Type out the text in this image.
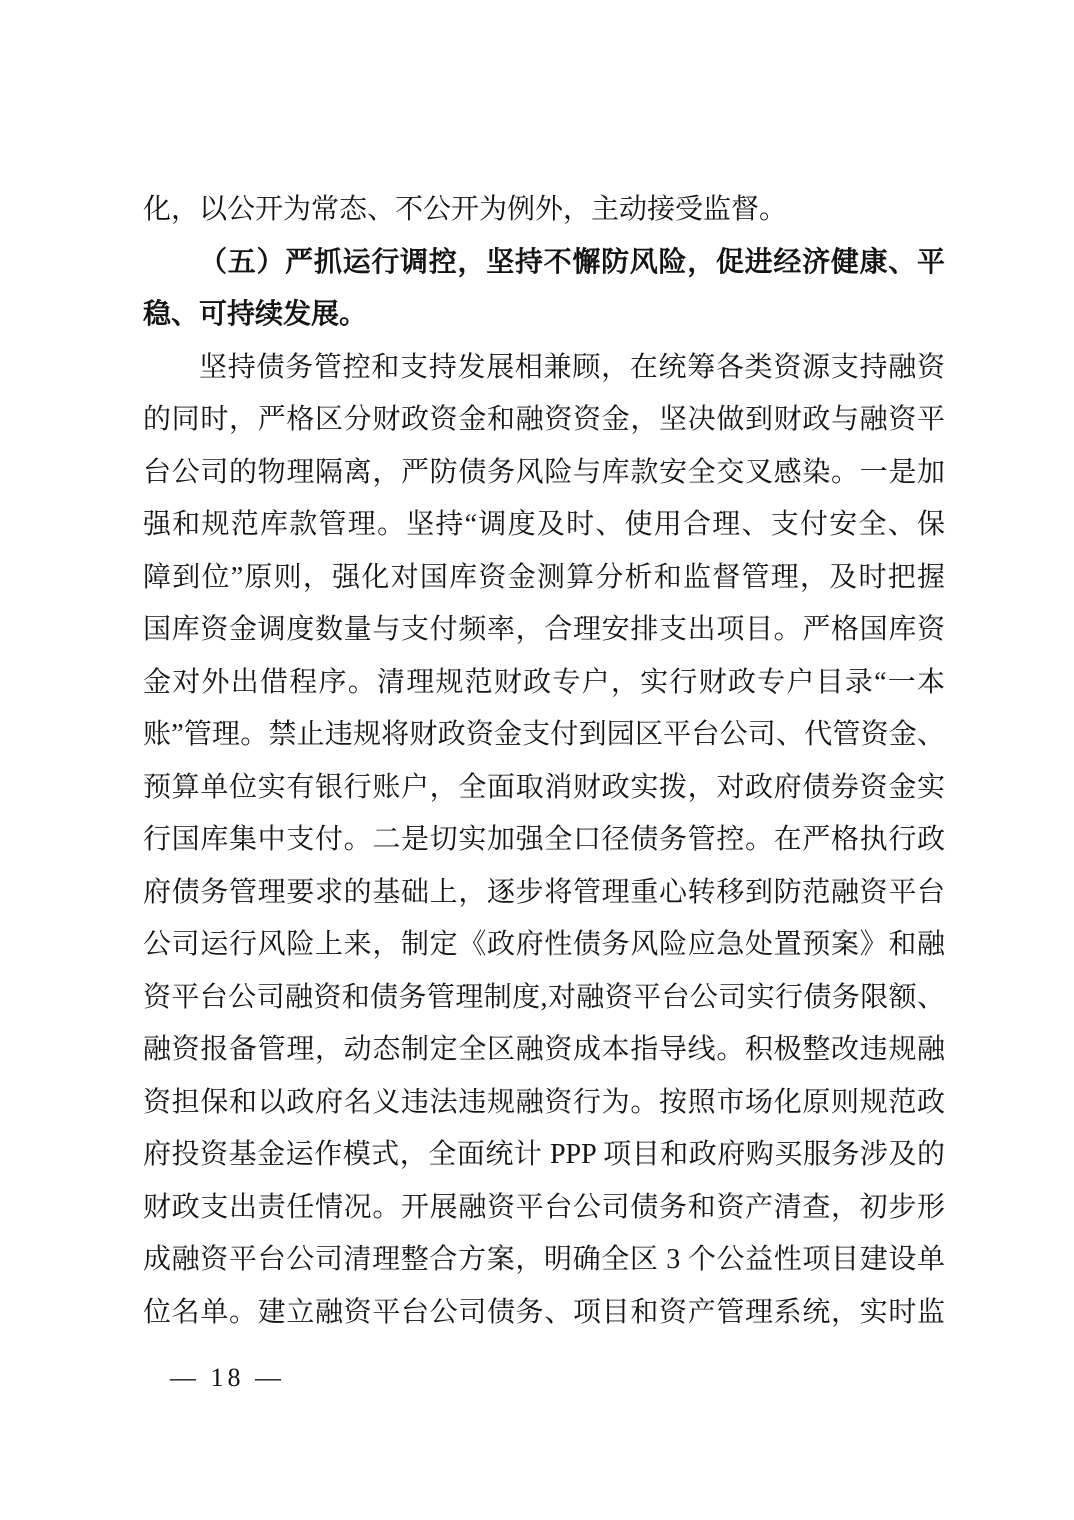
化，以公开为常态、不公开为例外，主动接受监督。
（五）严抓运行调控，坚持不懈防风险，促进经济健康、平
稳、可持续发展。
坚持债务管控和支持发展相兼顾，在统筹各类资源支持融资
的同时，严格区分财政资金和融资资金，坚决做到财政与融资平
台公司的物理隔离，严防债务风险与库款安全交叉感染。一是加
强和规范库款管理。坚持“调度及时、使用合理、支付安全、保
障到位”原则，强化对国库资金测算分析和监督管理，及时把握
国库资金调度数量与支付频率，合理安排支出项目。严格国库资
金对外出借程序。清理规范财政专户，实行财政专户目录“一本
账”管理。禁止违规将财政资金支付到园区平台公司、代管资金、
预算单位实有银行账户，全面取消财政实拨，对政府债券资金实
行国库集中支付。二是切实加强全口径债务管控。在严格执行政
府债务管理要求的基础上，逐步将管理重心转移到防范融资平台
公司运行风险上来，制定《政府性债务风险应急处置预案》和融
资平台公司融资和债务管理制度,对融资平台公司实行债务限额、
融资报备管理，动态制定全区融资成本指导线。积极整改违规融
资担保和以政府名义违法违规融资行为。按照市场化原则规范政
府投资基金运作模式，全面统计 PPP 项目和政府购买服务涉及的
财政支出责任情况。开展融资平台公司债务和资产清查，初步形
成融资平台公司清理整合方案，明确全区 3 个公益性项目建设单
位名单。建立融资平台公司债务、项目和资产管理系统，实时监
— 18 —
